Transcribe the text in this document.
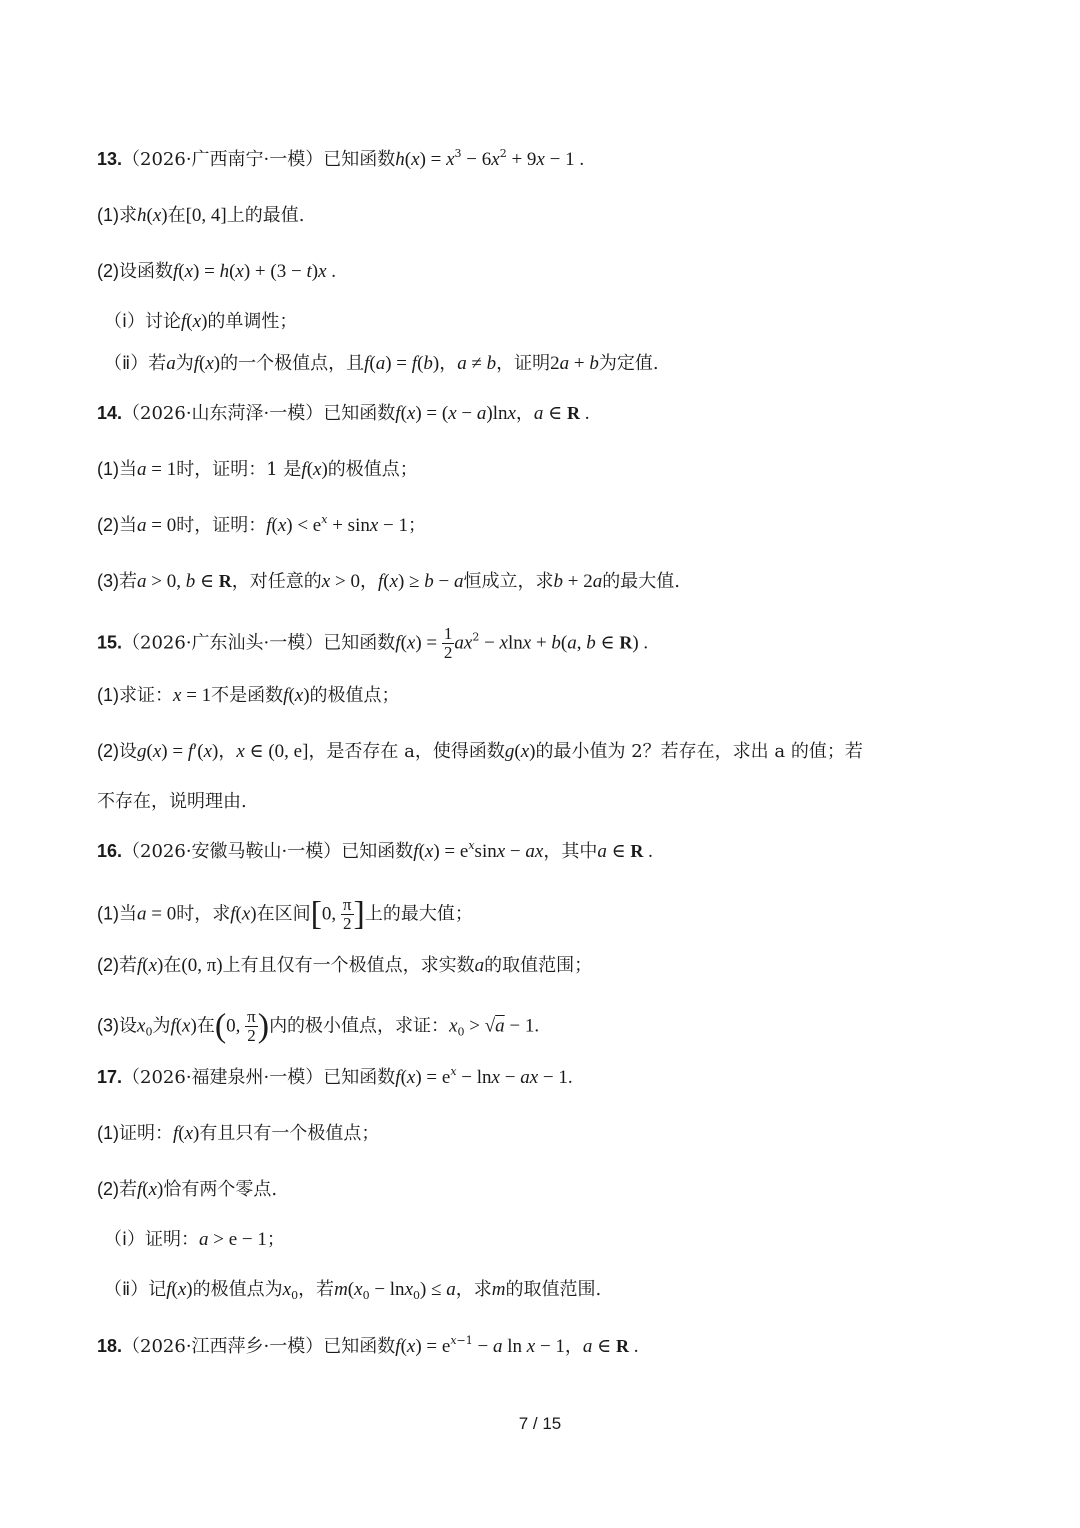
13.（2026·广西南宁·一模）已知函数$h(x) = x^3 - 6x^2 + 9x - 1$ .
(1)求h(x)在[0, 4]上的最值.
(2)设函数f(x) = h(x) + (3 − t)x .
（ⅰ）讨论f(x)的单调性；
（ⅱ）若a为f(x)的一个极值点，且f(a) = f(b)，a ≠ b，证明2a + b为定值.
14.（2026·山东菏泽·一模）已知函数f(x) = (x − a)lnx，a ∈ R .
(1)当a = 1时，证明：1 是f(x)的极值点；
(2)当a = 0时，证明：$f(x) < e^x + \sin x - 1$；
(3)若a > 0, b ∈ R，对任意的x > 0，f(x) ≥ b − a恒成立，求b + 2a的最大值.
15.（2026·广东汕头·一模）已知函数$f(x) = \frac{1}{2} ax^2 - xlnx + b(a$, b ∈ R) .
(1)求证：x = 1不是函数f(x)的极值点；
(2)设g(x) = f′(x)，x ∈ (0, e]，是否存在 a，使得函数g(x)的最小值为 2？若存在，求出 a 的值；若
不存在，说明理由.
16.（2026·安徽马鞍山·一模）已知函数$f(x) = e^x\sin x$ − ax，其中a ∈ R .
(1)当a = 0时，求f(x)在区间[0, $\frac{\pi}{2}$ ]上的最大值；
(2)若f(x)在(0, π)上有且仅有一个极值点，求实数a的取值范围；
(3)设$x_0$为f(x)在(0, $\frac{\pi}{2}$ )内的极小值点，求证：$x_0 > √a - 1$.
17.（2026·福建泉州·一模）已知函数$f(x) = e^x - \ln x$ − ax − 1.
(1)证明：f(x)有且只有一个极值点；
(2)若f(x)恰有两个零点.
（ⅰ）证明：a > e − 1；
（ⅱ）记f(x)的极值点为$x_0$，若$m(x_0 - \ln x_0) \le a$，求m的取值范围.
18.（2026·江西萍乡·一模）已知函数$f(x) = e^{x-1} - a$ ln x − 1，a ∈ R .
7 / 15
